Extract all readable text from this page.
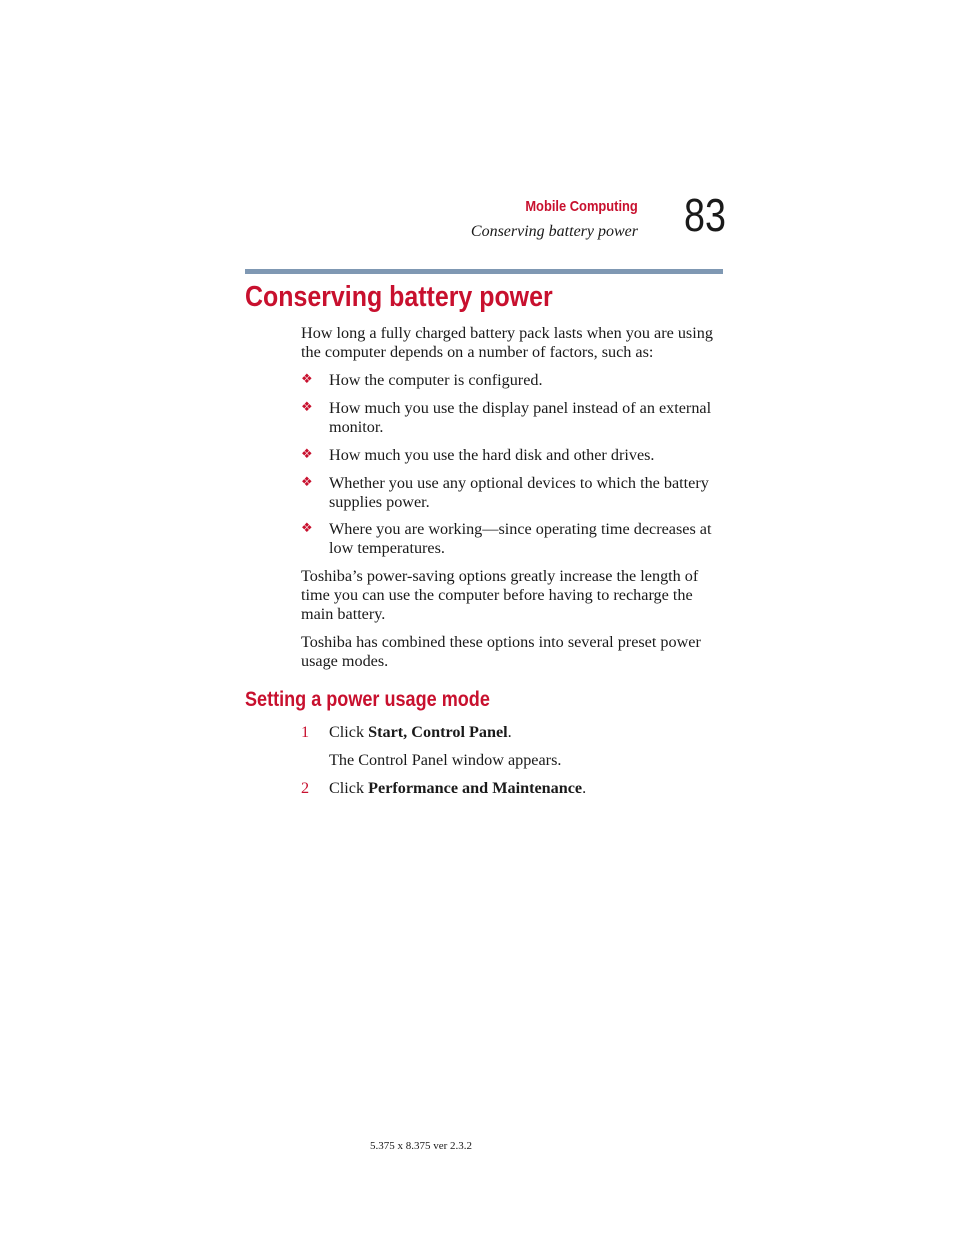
Mobile Computing
Conserving battery power 83
Conserving battery power

How long a fully charged battery pack lasts when you are using the computer depends on a number of factors, such as:

❖ How the computer is configured.
❖ How much you use the display panel instead of an external monitor.
❖ How much you use the hard disk and other drives.
❖ Whether you use any optional devices to which the battery supplies power.
❖ Where you are working—since operating time decreases at low temperatures.

Toshiba’s power-saving options greatly increase the length of time you can use the computer before having to recharge the main battery.

Toshiba has combined these options into several preset power usage modes.

Setting a power usage mode
1 Click Start, Control Panel.
The Control Panel window appears.
2 Click Performance and Maintenance.
5.375 x 8.375 ver 2.3.2
